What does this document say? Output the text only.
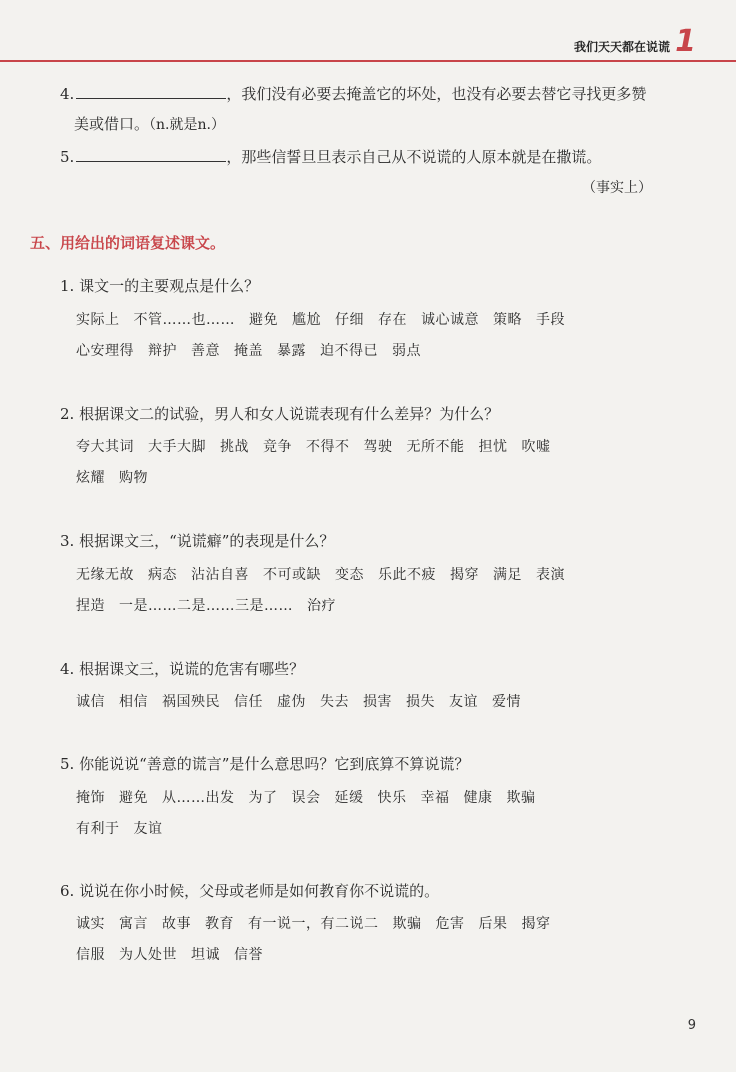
我们天天都在说谎 1
4.	，我们没有必要去掩盖它的坏处，也没有必要去替它寻找更多赞
美或借口。（n.就是n.）
5.	，那些信誓旦旦表示自己从不说谎的人原本就是在撒谎。
（事实上）
五、用给出的词语复述课文。
1. 课文一的主要观点是什么？
实际上 不管……也…… 避免 尴尬 仔细 存在 诚心诚意 策略 手段
心安理得 辩护 善意 掩盖 暴露 迫不得已 弱点
2. 根据课文二的试验，男人和女人说谎表现有什么差异？为什么？
夸大其词 大手大脚 挑战 竞争 不得不 驾驶 无所不能 担忧 吹嘘
炫耀 购物
3. 根据课文三，“说谎癖”的表现是什么？
无缘无故 病态 沾沾自喜 不可或缺 变态 乐此不疲 揭穿 满足 表演
捏造 一是……二是……三是…… 治疗
4. 根据课文三，说谎的危害有哪些？
诚信 相信 祸国殃民 信任 虚伪 失去 损害 损失 友谊 爱情
5. 你能说说“善意的谎言”是什么意思吗？它到底算不算说谎？
掩饰 避免 从……出发 为了 误会 延缓 快乐 幸福 健康 欺骗
有利于 友谊
6. 说说在你小时候，父母或老师是如何教育你不说谎的。
诚实 寓言 故事 教育 有一说一，有二说二 欺骗 危害 后果 揭穿
信服 为人处世 坦诚 信誉
9
